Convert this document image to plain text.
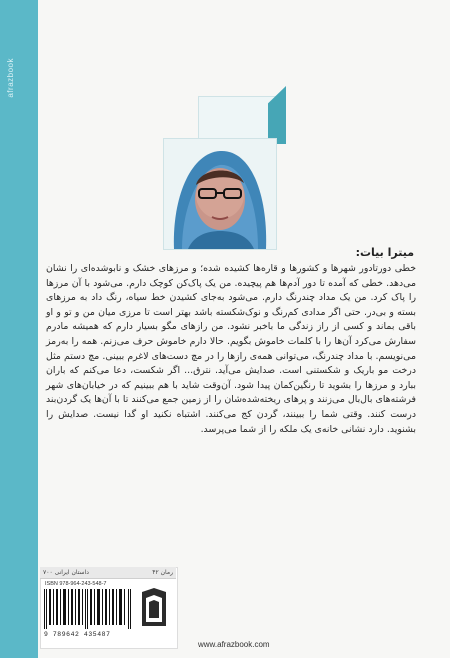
afrazbook
میترا بیات:
خطی دورتادور شهرها و کشورها و قاره‌ها کشیده شده؛ و مرزهای خشک و نابوشده‌ای را نشان می‌دهد. خطی که آمده تا دور آدم‌ها هم پیچیده. من یک پاک‌کن کوچک دارم. می‌شود با آن مرزها را پاک کرد. من یک مداد چندرنگ دارم. می‌شود به‌جای کشیدن خط سیاه، رنگ داد به مرزهای بسته و بی‌در. حتی اگر مدادی کم‌رنگ و نوک‌شکسته باشد بهتر است تا مرزی میان من و تو و او باقی بماند و کسی از راز زندگی ما باخبر نشود. من رازهای مگو بسیار دارم که همیشه مادرم سفارش می‌کرد آن‌ها را با کلمات خاموش بگویم. حالا دارم خاموش حرف می‌زنم. همه را به‌رمز می‌نویسم. با مداد چندرنگ، می‌توانی همه‌ی رازها را در مچ دست‌های لاغرم ببینی. مچ دستم مثل درخت مو باریک و شکستنی است. صدایش می‌آید. نترق... اگر شکست، دعا می‌کنم که باران ببارد و مرزها را بشوید تا رنگین‌کمان پیدا شود. آن‌وقت شاید با هم ببینیم که در خیابان‌های شهر فرشته‌های بال‌بال می‌زنند و پرهای ریخته‌شده‌شان را از زمین جمع می‌کنند تا با آن‌ها یک گردن‌بند درست کنند. وقتی شما را ببینند، گردن کج می‌کنند. اشتباه نکنید او گدا نیست. صدایش را بشنوید. دارد نشانی خانه‌ی یک ملکه را از شما می‌پرسد.
رمان ۴۲
داستان ایرانی ۷۰۰
ISBN 978-964-243-548-7
9 789642 435487
www.afrazbook.com
